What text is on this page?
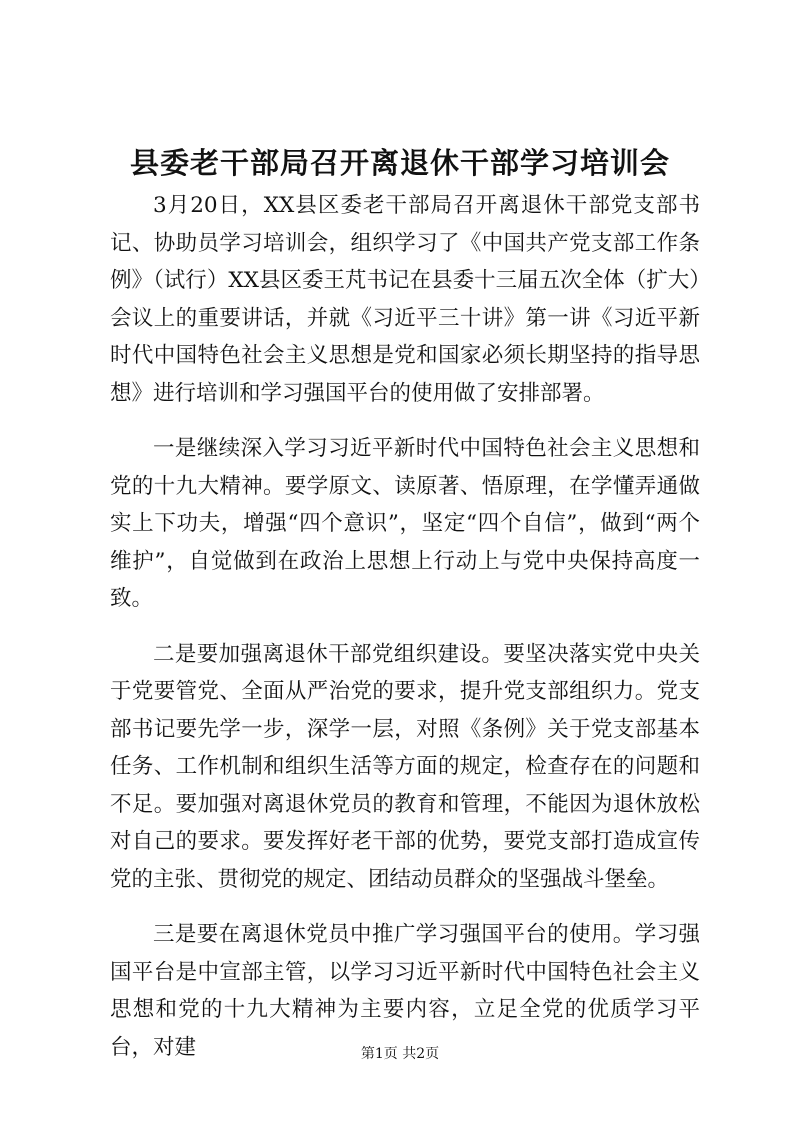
县委老干部局召开离退休干部学习培训会

3月20日，XX县区委老干部局召开离退休干部党支部书记、协助员学习培训会，组织学习了《中国共产党支部工作条例》（试行）XX县区委王芃书记在县委十三届五次全体（扩大）会议上的重要讲话，并就《习近平三十讲》第一讲《习近平新时代中国特色社会主义思想是党和国家必须长期坚持的指导思想》进行培训和学习强国平台的使用做了安排部署。

一是继续深入学习习近平新时代中国特色社会主义思想和党的十九大精神。要学原文、读原著、悟原理，在学懂弄通做实上下功夫，增强“四个意识”，坚定“四个自信”，做到“两个维护”，自觉做到在政治上思想上行动上与党中央保持高度一致。

二是要加强离退休干部党组织建设。要坚决落实党中央关于党要管党、全面从严治党的要求，提升党支部组织力。党支部书记要先学一步，深学一层，对照《条例》关于党支部基本任务、工作机制和组织生活等方面的规定，检查存在的问题和不足。要加强对离退休党员的教育和管理，不能因为退休放松对自己的要求。要发挥好老干部的优势，要党支部打造成宣传党的主张、贯彻党的规定、团结动员群众的坚强战斗堡垒。

三是要在离退休党员中推广学习强国平台的使用。学习强国平台是中宣部主管，以学习习近平新时代中国特色社会主义思想和党的十九大精神为主要内容，立足全党的优质学习平台，对建	第1页 共2页
